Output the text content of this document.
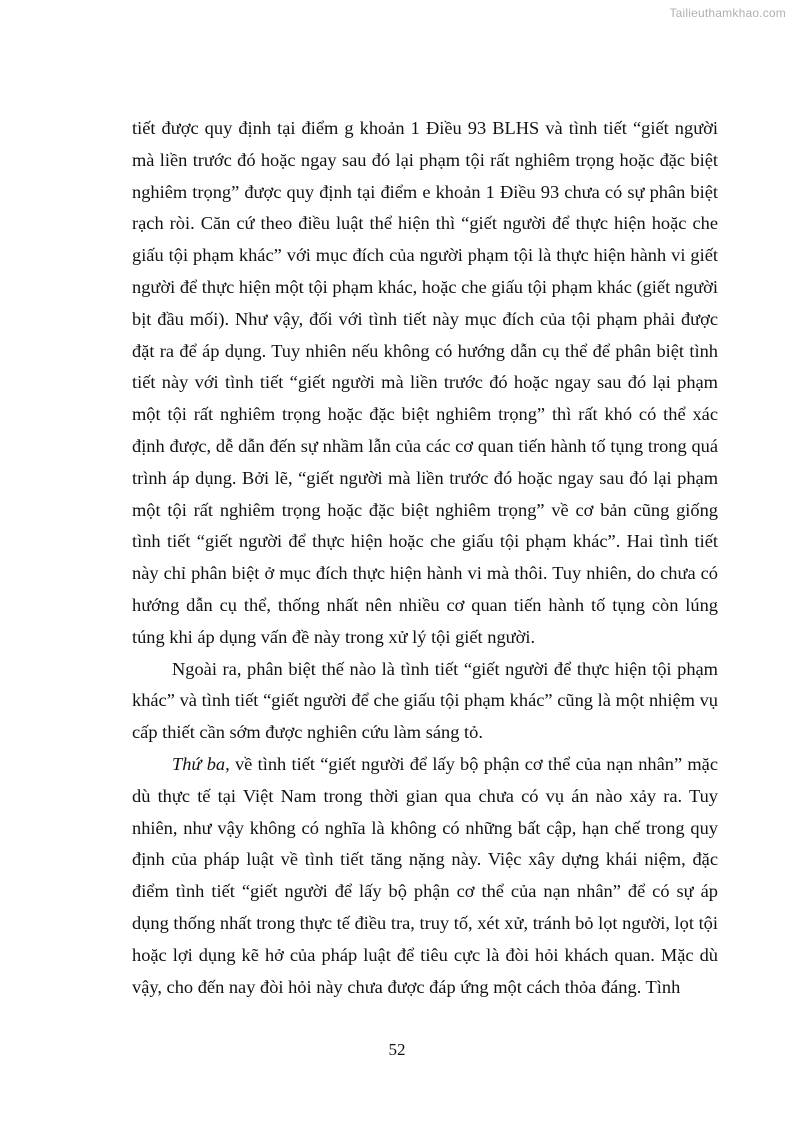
Tailieuthamkhao.com

tiết được quy định tại điểm g khoản 1 Điều 93 BLHS và tình tiết “giết người mà liền trước đó hoặc ngay sau đó lại phạm tội rất nghiêm trọng hoặc đặc biệt nghiêm trọng” được quy định tại điểm e khoản 1 Điều 93 chưa có sự phân biệt rạch ròi. Căn cứ theo điều luật thể hiện thì “giết người để thực hiện hoặc che giấu tội phạm khác” với mục đích của người phạm tội là thực hiện hành vi giết người để thực hiện một tội phạm khác, hoặc che giấu tội phạm khác (giết người bịt đầu mối). Như vậy, đối với tình tiết này mục đích của tội phạm phải được đặt ra để áp dụng. Tuy nhiên nếu không có hướng dẫn cụ thể để phân biệt tình tiết này với tình tiết “giết người mà liền trước đó hoặc ngay sau đó lại phạm một tội rất nghiêm trọng hoặc đặc biệt nghiêm trọng” thì rất khó có thể xác định được, dễ dẫn đến sự nhầm lẫn của các cơ quan tiến hành tố tụng trong quá trình áp dụng. Bởi lẽ, “giết người mà liền trước đó hoặc ngay sau đó lại phạm một tội rất nghiêm trọng hoặc đặc biệt nghiêm trọng” về cơ bản cũng giống tình tiết “giết người để thực hiện hoặc che giấu tội phạm khác”. Hai tình tiết này chỉ phân biệt ở mục đích thực hiện hành vi mà thôi. Tuy nhiên, do chưa có hướng dẫn cụ thể, thống nhất nên nhiều cơ quan tiến hành tố tụng còn lúng túng khi áp dụng vấn đề này trong xử lý tội giết người.

Ngoài ra, phân biệt thế nào là tình tiết “giết người để thực hiện tội phạm khác” và tình tiết “giết người để che giấu tội phạm khác” cũng là một nhiệm vụ cấp thiết cần sớm được nghiên cứu làm sáng tỏ.

Thứ ba, về tình tiết “giết người để lấy bộ phận cơ thể của nạn nhân” mặc dù thực tế tại Việt Nam trong thời gian qua chưa có vụ án nào xảy ra. Tuy nhiên, như vậy không có nghĩa là không có những bất cập, hạn chế trong quy định của pháp luật về tình tiết tăng nặng này. Việc xây dựng khái niệm, đặc điểm tình tiết “giết người để lấy bộ phận cơ thể của nạn nhân” để có sự áp dụng thống nhất trong thực tế điều tra, truy tố, xét xử, tránh bỏ lọt người, lọt tội hoặc lợi dụng kẽ hở của pháp luật để tiêu cực là đòi hỏi khách quan. Mặc dù vậy, cho đến nay đòi hỏi này chưa được đáp ứng một cách thỏa đáng. Tình

52
